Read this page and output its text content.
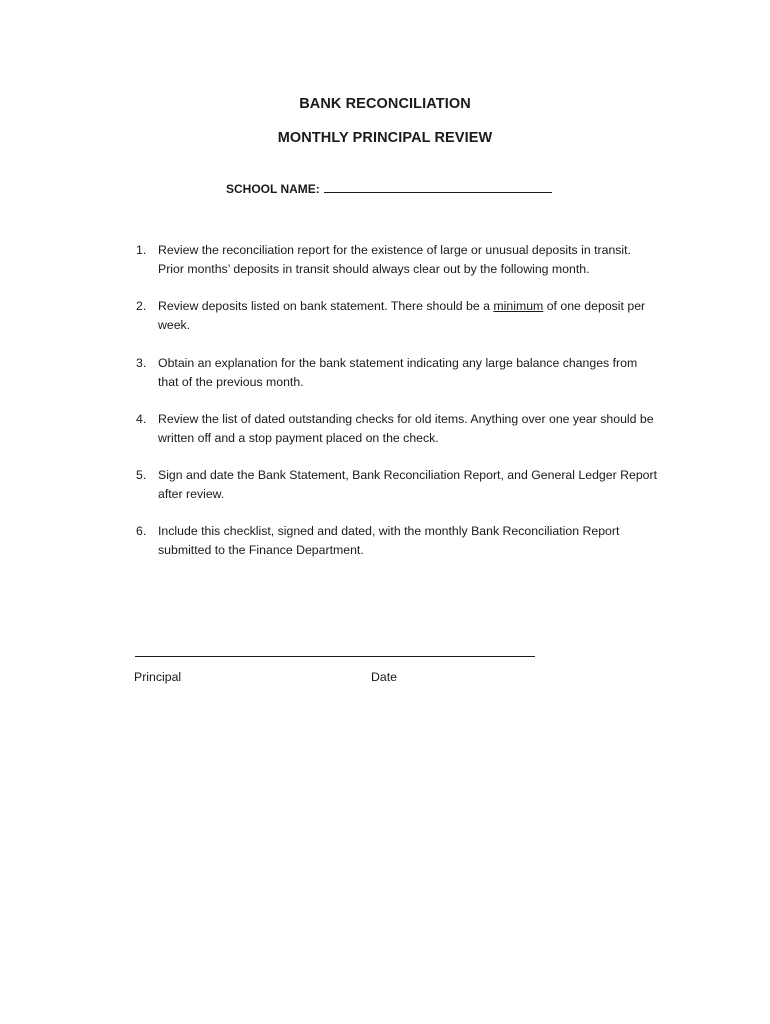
BANK RECONCILIATION
MONTHLY PRINCIPAL REVIEW
SCHOOL NAME:
1. Review the reconciliation report for the existence of large or unusual deposits in transit.
Prior months’ deposits in transit should always clear out by the following month.
2. Review deposits listed on bank statement. There should be a minimum of one deposit per
week.
3. Obtain an explanation for the bank statement indicating any large balance changes from
that of the previous month.
4. Review the list of dated outstanding checks for old items. Anything over one year should be
written off and a stop payment placed on the check.
5. Sign and date the Bank Statement, Bank Reconciliation Report, and General Ledger Report
after review.
6. Include this checklist, signed and dated, with the monthly Bank Reconciliation Report
submitted to the Finance Department.
Principal	Date
